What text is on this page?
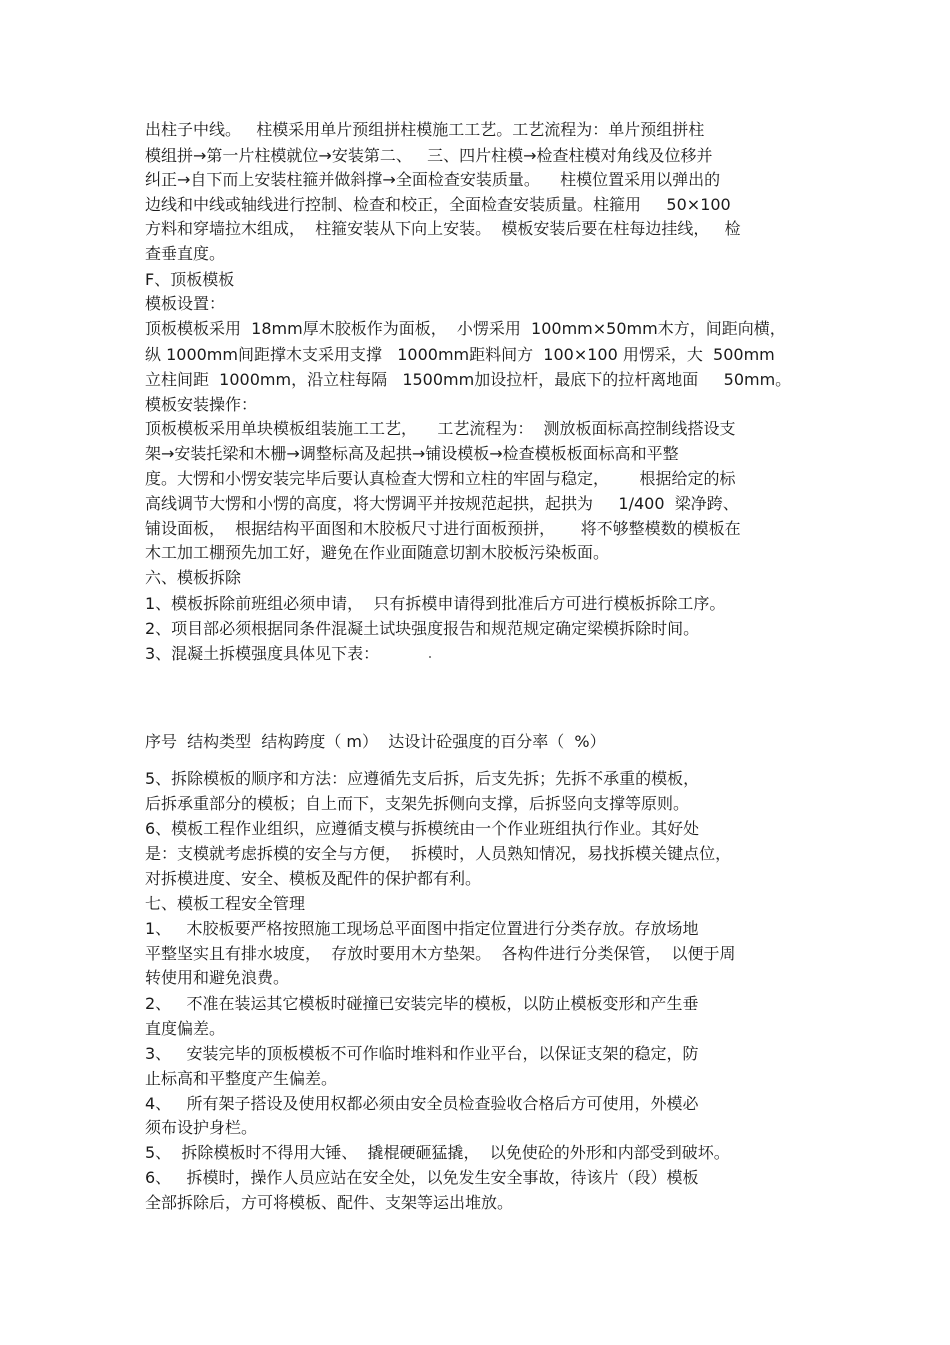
出柱子中线。   柱模采用单片预组拼柱模施工工艺。工艺流程为：单片预组拼柱
模组拼→第一片柱模就位→安装第二、   三、四片柱模→检查柱模对角线及位移并
纠正→自下而上安装柱箍并做斜撑→全面检查安装质量。    柱模位置采用以弹出的
边线和中线或轴线进行控制、检查和校正，全面检查安装质量。柱箍用     50×100
方料和穿墙拉木组成，  柱箍安装从下向上安装。  模板安装后要在柱每边挂线，   检
查垂直度。
F、顶板模板
模板设置：
顶板模板采用  18mm厚木胶板作为面板，  小愣采用  100mm×50mm木方，间距向横，
纵 1000mm间距撑木支采用支撑   1000mm距料间方  100×100 用愣采，大  500mm
立柱间距  1000mm，沿立柱每隔   1500mm加设拉杆，最底下的拉杆离地面     50mm。
模板安装操作：
顶板模板采用单块模板组装施工工艺，    工艺流程为：  测放板面标高控制线搭设支
架→安装托梁和木栅→调整标高及起拱→铺设模板→检查模板板面标高和平整
度。大愣和小愣安装完毕后要认真检查大愣和立柱的牢固与稳定，      根据给定的标
高线调节大愣和小愣的高度，将大愣调平并按规范起拱，起拱为     1/400  梁净跨、
铺设面板，  根据结构平面图和木胶板尺寸进行面板预拼，     将不够整模数的模板在
木工加工棚预先加工好，避免在作业面随意切割木胶板污染板面。
六、模板拆除
1、模板拆除前班组必须申请，  只有拆模申请得到批准后方可进行模板拆除工序。
2、项目部必须根据同条件混凝土试块强度报告和规范规定确定梁模拆除时间。
3、混凝土拆模强度具体见下表：
序号  结构类型  结构跨度（ m）  达设计砼强度的百分率（  %）
5、拆除模板的顺序和方法：应遵循先支后拆，后支先拆；先拆不承重的模板，
后拆承重部分的模板；自上而下，支架先拆侧向支撑，后拆竖向支撑等原则。
6、模板工程作业组织，应遵循支模与拆模统由一个作业班组执行作业。其好处
是：支模就考虑拆模的安全与方便，  拆模时，人员熟知情况，易找拆模关键点位，
对拆模进度、安全、模板及配件的保护都有利。
七、模板工程安全管理
1、   木胶板要严格按照施工现场总平面图中指定位置进行分类存放。存放场地
平整坚实且有排水坡度，  存放时要用木方垫架。  各构件进行分类保管，  以便于周
转使用和避免浪费。
2、   不准在装运其它模板时碰撞已安装完毕的模板，以防止模板变形和产生垂
直度偏差。
3、   安装完毕的顶板模板不可作临时堆料和作业平台，以保证支架的稳定，防
止标高和平整度产生偏差。
4、   所有架子搭设及使用权都必须由安全员检查验收合格后方可使用，外模必
须布设护身栏。
5、  拆除模板时不得用大锤、  撬棍硬砸猛撬，  以免使砼的外形和内部受到破坏。
6、   拆模时，操作人员应站在安全处，以免发生安全事故，待该片（段）模板
全部拆除后，方可将模板、配件、支架等运出堆放。
